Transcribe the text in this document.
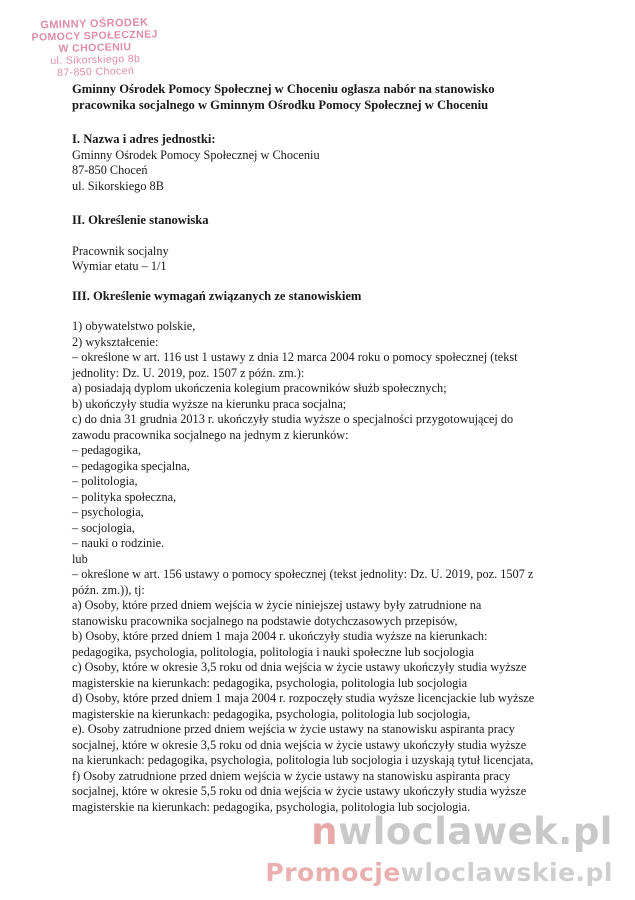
GMINNY OŚRODEK
POMOCY SPOŁECZNEJ
W CHOCENIU
ul. Sikorskiego 8b
87-850 Choceń

Gminny Ośrodek Pomocy Społecznej w Choceniu ogłasza nabór na stanowisko

pracownika socjalnego w Gminnym Ośrodku Pomocy Społecznej w Choceniu

I. Nazwa i adres jednostki:

Gminny Ośrodek Pomocy Społecznej w Choceniu

87-850 Choceń

ul. Sikorskiego 8B

II. Określenie stanowiska

Pracownik socjalny

Wymiar etatu – 1/1

III. Określenie wymagań związanych ze stanowiskiem

1) obywatelstwo polskie,

2) wykształcenie:

– określone w art. 116 ust 1 ustawy z dnia 12 marca 2004 roku o pomocy społecznej (tekst

jednolity: Dz. U. 2019, poz. 1507 z późn. zm.):

a) posiadają dyplom ukończenia kolegium pracowników służb społecznych;

b) ukończyły studia wyższe na kierunku praca socjalna;

c) do dnia 31 grudnia 2013 r. ukończyły studia wyższe o specjalności przygotowującej do

zawodu pracownika socjalnego na jednym z kierunków:

– pedagogika,

– pedagogika specjalna,

– politologia,

– polityka społeczna,

– psychologia,

– socjologia,

– nauki o rodzinie.

lub

– określone w art. 156 ustawy o pomocy społecznej (tekst jednolity: Dz. U. 2019, poz. 1507 z

późn. zm.)), tj:

a) Osoby, które przed dniem wejścia w życie niniejszej ustawy były zatrudnione na

stanowisku pracownika socjalnego na podstawie dotychczasowych przepisów,

b) Osoby, które przed dniem 1 maja 2004 r. ukończyły studia wyższe na kierunkach:

pedagogika, psychologia, politologia, politologia i nauki społeczne lub socjologia

c) Osoby, które w okresie 3,5 roku od dnia wejścia w życie ustawy ukończyły studia wyższe

magisterskie na kierunkach: pedagogika, psychologia, politologia lub socjologia

d) Osoby, które przed dniem 1 maja 2004 r. rozpoczęły studia wyższe licencjackie lub wyższe

magisterskie na kierunkach: pedagogika, psychologia, politologia lub socjologia,

e). Osoby zatrudnione przed dniem wejścia w życie ustawy na stanowisku aspiranta pracy

socjalnej, które w okresie 3,5 roku od dnia wejścia w życie ustawy ukończyły studia wyższe

na kierunkach: pedagogika, psychologia, politologia lub socjologia i uzyskają tytuł licencjata,

f) Osoby zatrudnione przed dniem wejścia w życie ustawy na stanowisku aspiranta pracy

socjalnej, które w okresie 5,5 roku od dnia wejścia w życie ustawy ukończyły studia wyższe

magisterskie na kierunkach: pedagogika, psychologia, politologia lub socjologia.

nwloclawek.pl
Promocjewloclawskie.pl
